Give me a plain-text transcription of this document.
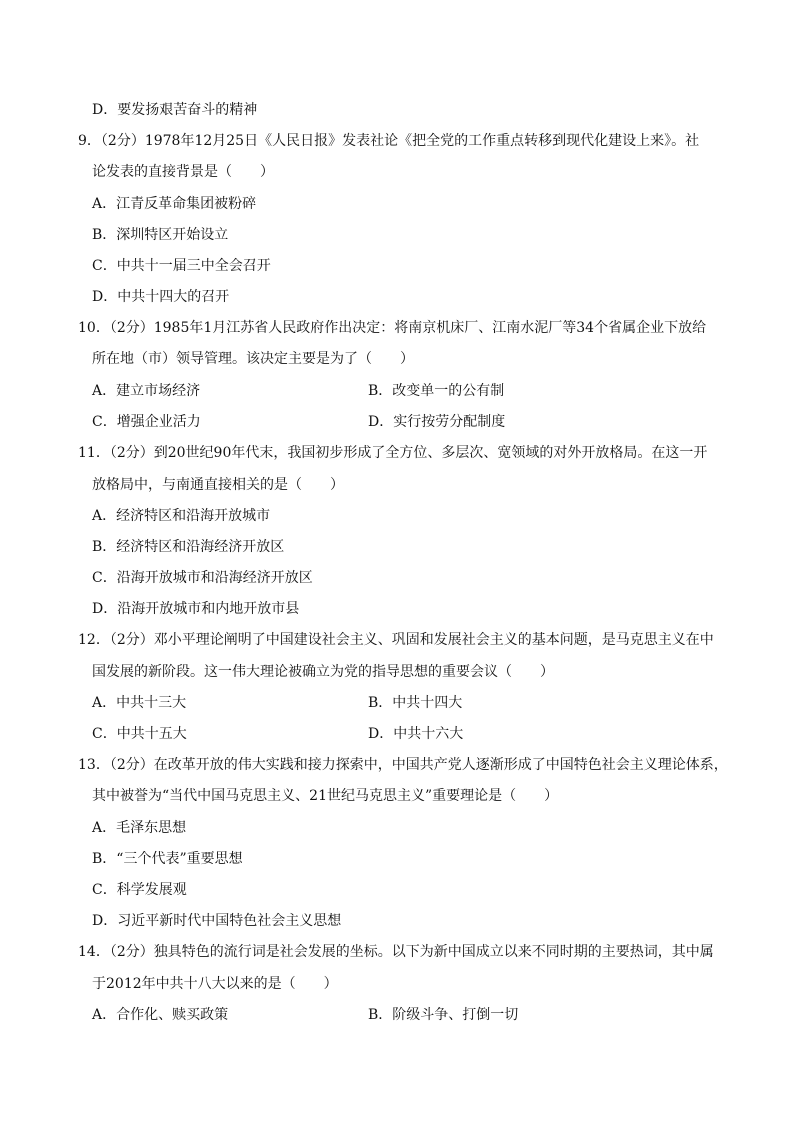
D．要发扬艰苦奋斗的精神
9．（2分）1978年12月25日《人民日报》发表社论《把全党的工作重点转移到现代化建设上来》。社
论发表的直接背景是（　　）
A．江青反革命集团被粉碎
B．深圳特区开始设立
C．中共十一届三中全会召开
D．中共十四大的召开
10．（2分）1985年1月江苏省人民政府作出决定：将南京机床厂、江南水泥厂等34个省属企业下放给
所在地（市）领导管理。该决定主要是为了（　　）
A．建立市场经济	B．改变单一的公有制
C．增强企业活力	D．实行按劳分配制度
11．（2分）到20世纪90年代末，我国初步形成了全方位、多层次、宽领域的对外开放格局。在这一开
放格局中，与南通直接相关的是（　　）
A．经济特区和沿海开放城市
B．经济特区和沿海经济开放区
C．沿海开放城市和沿海经济开放区
D．沿海开放城市和内地开放市县
12．（2分）邓小平理论阐明了中国建设社会主义、巩固和发展社会主义的基本问题，是马克思主义在中
国发展的新阶段。这一伟大理论被确立为党的指导思想的重要会议（　　）
A．中共十三大	B．中共十四大
C．中共十五大	D．中共十六大
13．（2分）在改革开放的伟大实践和接力探索中，中国共产党人逐渐形成了中国特色社会主义理论体系，
其中被誉为“当代中国马克思主义、21世纪马克思主义”重要理论是（　　）
A．毛泽东思想
B．“三个代表”重要思想
C．科学发展观
D．习近平新时代中国特色社会主义思想
14．（2分）独具特色的流行词是社会发展的坐标。以下为新中国成立以来不同时期的主要热词，其中属
于2012年中共十八大以来的是（　　）
A．合作化、赎买政策	B．阶级斗争、打倒一切
